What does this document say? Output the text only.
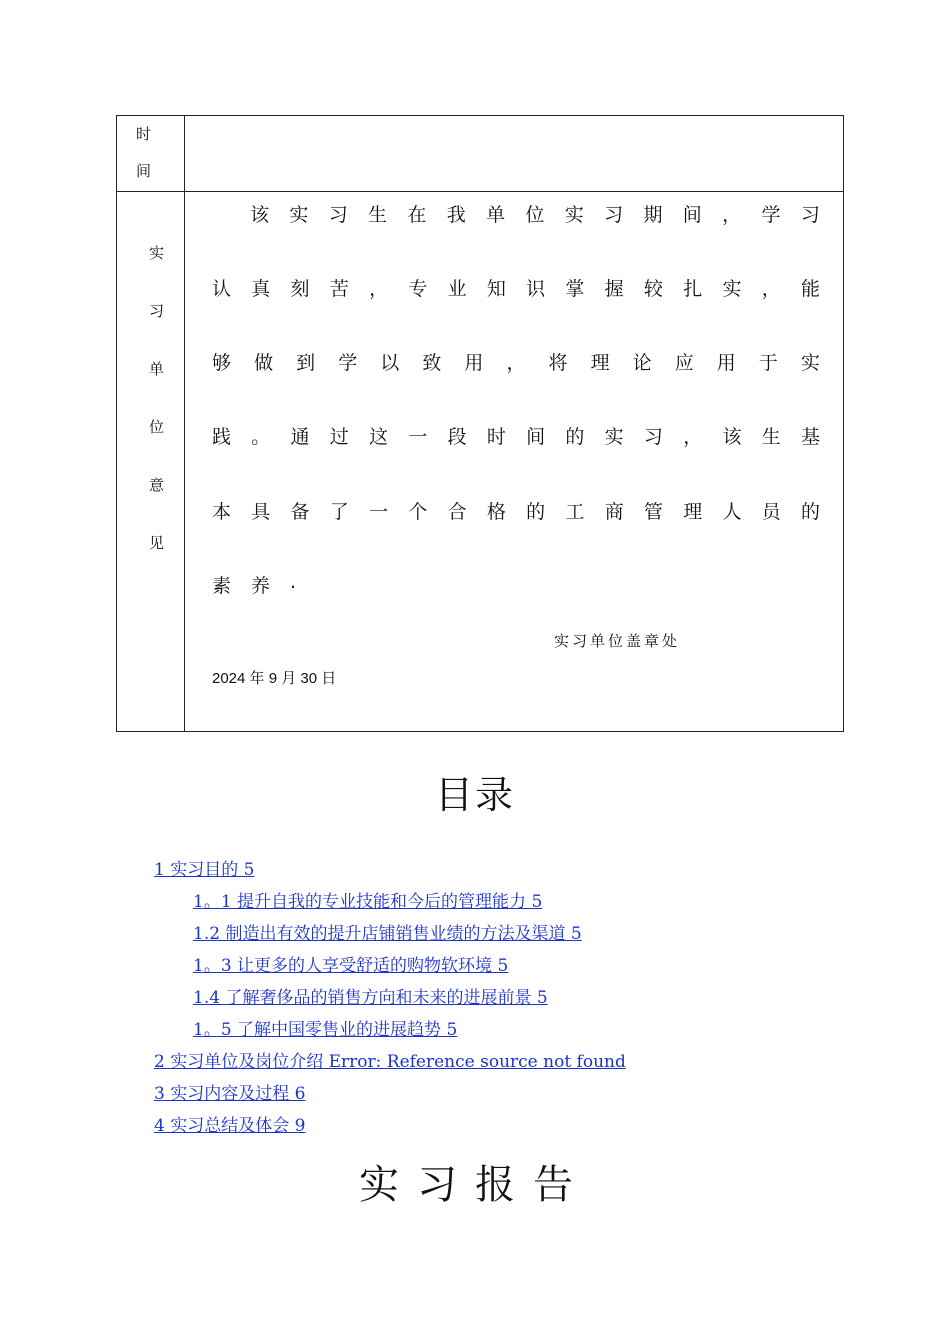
时
间
实
习
单
位
意
见
该 实 习 生 在 我 单 位 实 习 期 间 ， 学 习
认 真 刻 苦 ， 专 业 知 识 掌 握 较 扎 实 ， 能
够 做 到 学 以 致 用 ， 将 理 论 应 用 于 实
践 。 通 过 这 一 段 时 间 的 实 习 ， 该 生 基
本 具 备 了 一 个 合 格 的 工 商 管 理 人 员 的
素 养 .
实习单位盖章处
2024 年 9 月 30 日
目录
1 实习目的 5
1。1 提升自我的专业技能和今后的管理能力 5
1.2 制造出有效的提升店铺销售业绩的方法及渠道 5
1。3 让更多的人享受舒适的购物软环境 5
1.4 了解奢侈品的销售方向和未来的进展前景 5
1。5 了解中国零售业的进展趋势 5
2 实习单位及岗位介绍 Error: Reference source not found
3 实习内容及过程 6
4 实习总结及体会 9
实习报告
